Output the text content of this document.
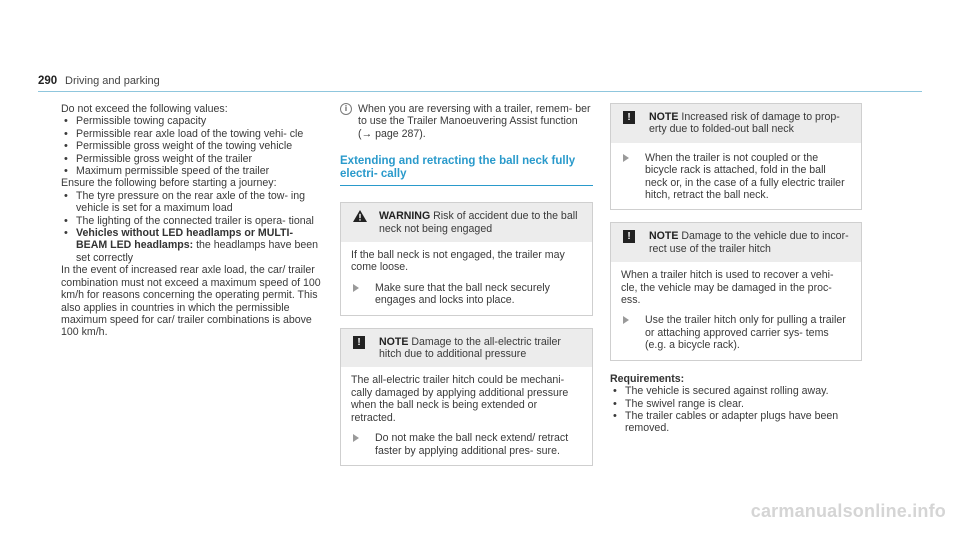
290 Driving and parking

Do not exceed the following values:

• Permissible towing capacity
• Permissible rear axle load of the towing vehi- cle
• Permissible gross weight of the towing vehicle
• Permissible gross weight of the trailer
• Maximum permissible speed of the trailer

Ensure the following before starting a journey:

• The tyre pressure on the rear axle of the tow- ing vehicle is set for a maximum load
• The lighting of the connected trailer is opera- tional
• Vehicles without LED headlamps or MULTI- BEAM LED headlamps: the headlamps have been set correctly

In the event of increased rear axle load, the car/ trailer combination must not exceed a maximum speed of 100 km/h for reasons concerning the operating permit. This also applies in countries in which the permissible maximum speed for car/ trailer combinations is above 100 km/h.

i	When you are reversing with a trailer, remem- ber to use the Trailer Manoeuvering Assist function (→ page 287).

Extending and retracting the ball neck fully electri- cally
WARNING Risk of accident due to the ball neck not being engaged

If the ball neck is not engaged, the trailer may come loose.

Make sure that the ball neck securely engages and locks into place.

!	NOTE Damage to the all-electric trailer hitch due to additional pressure

The all-electric trailer hitch could be mechani- cally damaged by applying additional pressure when the ball neck is being extended or retracted.

Do not make the ball neck extend/ retract faster by applying additional pres- sure.

!	NOTE Increased risk of damage to prop- erty due to folded-out ball neck

When the trailer is not coupled or the bicycle rack is attached, fold in the ball neck or, in the case of a fully electric trailer hitch, retract the ball neck.

!	NOTE Damage to the vehicle due to incor- rect use of the trailer hitch

When a trailer hitch is used to recover a vehi- cle, the vehicle may be damaged in the proc- ess.

Use the trailer hitch only for pulling a trailer or attaching approved carrier sys- tems (e.g. a bicycle rack).

Requirements:

• The vehicle is secured against rolling away.
• The swivel range is clear.
• The trailer cables or adapter plugs have been removed.
carmanualsonline.info
